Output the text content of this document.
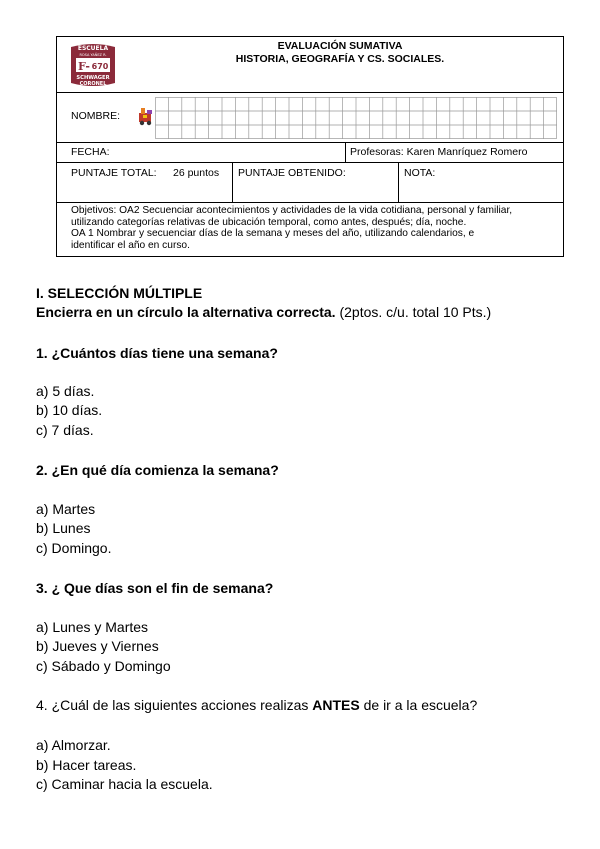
ESCUELA
ROSA YAÑEZ R.
F- 670
SCHWAGER
CORONEL
EVALUACIÓN SUMATIVA
HISTORIA, GEOGRAFÍA Y CS. SOCIALES.
NOMBRE:
FECHA:	Profesoras: Karen Manríquez Romero
PUNTAJE TOTAL: 26 puntos PUNTAJE OBTENIDO:	NOTA:
Objetivos: OA2 Secuenciar acontecimientos y actividades de la vida cotidiana, personal y familiar,
utilizando categorías relativas de ubicación temporal, como antes, después; día, noche.
OA 1 Nombrar y secuenciar días de la semana y meses del año, utilizando calendarios, e
identificar el año en curso.
I. SELECCIÓN MÚLTIPLE
Encierra en un círculo la alternativa correcta. (2ptos. c/u. total 10 Pts.)
1. ¿Cuántos días tiene una semana?
a) 5 días.
b) 10 días.
c) 7 días.
2. ¿En qué día comienza la semana?
a) Martes
b) Lunes
c) Domingo.
3. ¿ Que días son el fin de semana?
a) Lunes y Martes
b) Jueves y Viernes
c) Sábado y Domingo
4. ¿Cuál de las siguientes acciones realizas ANTES de ir a la escuela?
a) Almorzar.
b) Hacer tareas.
c) Caminar hacia la escuela.
